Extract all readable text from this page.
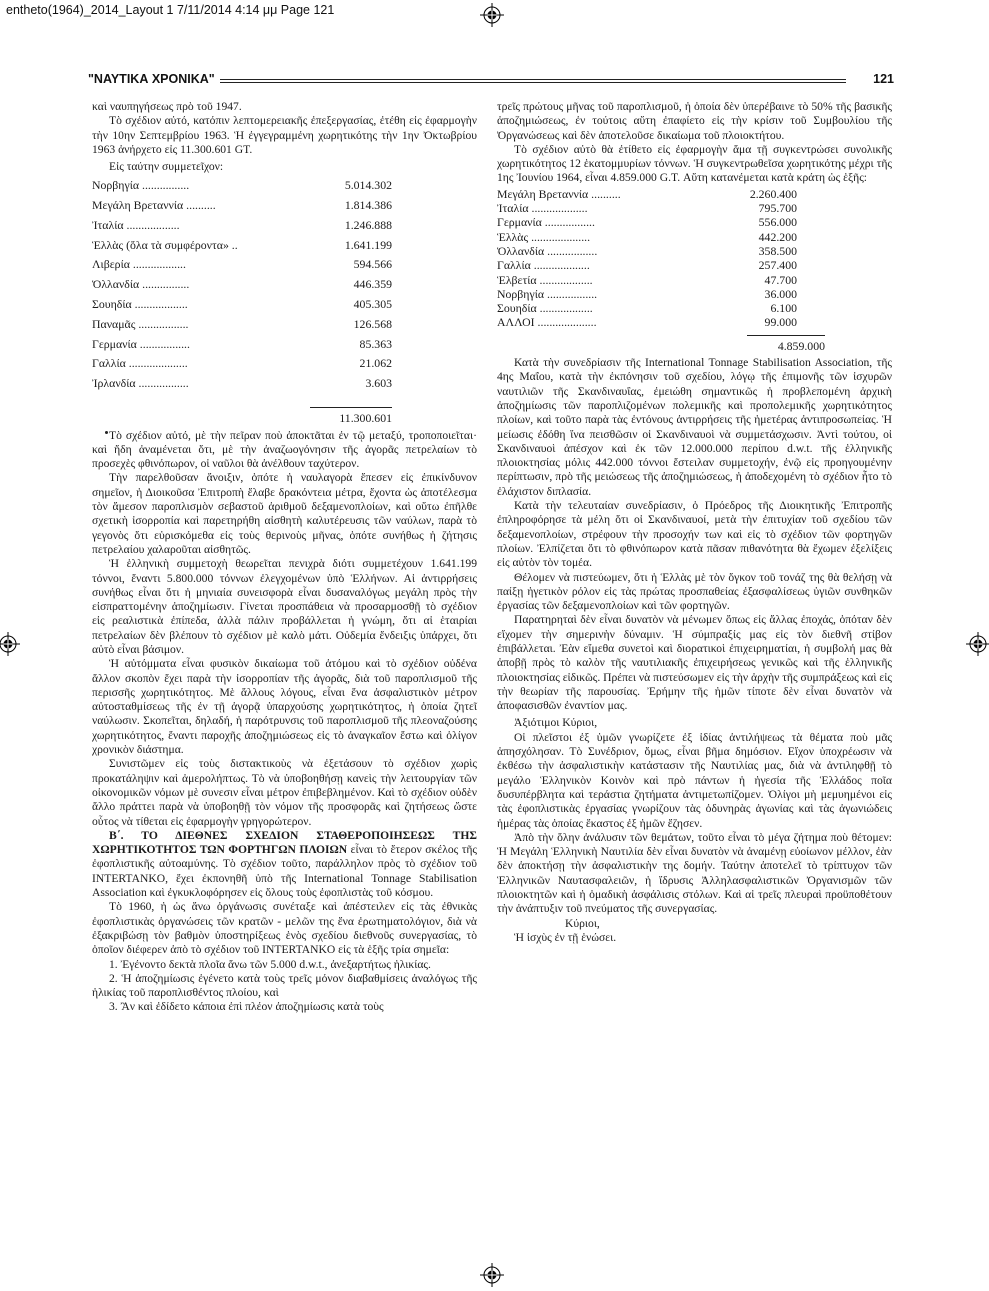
entheto(1964)_2014_Layout 1 7/11/2014 4:14 μμ Page 121
"ΝΑΥΤΙΚΑ ΧΡΟΝΙΚΑ"	121

καὶ ναυπηγήσεως πρὸ τοῦ 1947.

Τὸ σχέδιον αὐτό, κατόπιν λεπτομερειακῆς ἐπεξεργασίας, ἐτέθη εἰς ἐφαρμογὴν τὴν 10ην Σεπτεμβρίου 1963. Ἡ ἐγγεγραμμένη χωρητικότης τὴν 1ην Ὀκτωβρίου 1963 ἀνήρχετο εἰς 11.300.601 GT.

Εἰς ταύτην συμμετεῖχον:

Νορβηγία ................	5.014.302
Μεγάλη Βρεταννία ..........	1.814.386
Ἰταλία ..................	1.246.888
Ἑλλὰς (ὅλα τὰ συμφέροντα» ..	1.641.199
Λιβερία ..................	594.566
Ὁλλανδία ................	446.359
Σουηδία ..................	405.305
Παναμᾶς .................	126.568
Γερμανία .................	85.363
Γαλλία ....................	21.062
Ἰρλανδία .................	3.603
11.300.601

Τὸ σχέδιον αὐτό, μὲ τὴν πεῖραν ποὺ ἀποκτᾶται ἐν τῷ μεταξύ, τροποποιεῖται· καὶ ἤδη ἀναμένεται ὅτι, μὲ τὴν ἀναζωογόνησιν τῆς ἀγορᾶς πετρελαίων τὸ προσεχὲς φθινόπωρον, οἱ ναῦλοι θὰ ἀνέλθουν ταχύτερον.

Τὴν παρελθοῦσαν ἄνοιξιν, ὁπότε ἡ ναυλαγορὰ ἔπεσεν εἰς ἐπικίνδυνον σημεῖον, ἡ Διοικοῦσα Ἐπιτροπὴ ἔλαβε δρακόντεια μέτρα, ἔχοντα ὡς ἀποτέλεσμα τὸν ἄμεσον παροπλισμὸν σεβαστοῦ ἀριθμοῦ δεξαμενοπλοίων, καὶ οὕτω ἐπῆλθε σχετικὴ ἰσορροπία καὶ παρετηρήθη αἰσθητὴ καλυτέρευσις τῶν ναύλων, παρὰ τὸ γεγονὸς ὅτι εὑρισκόμεθα εἰς τοὺς θερινοὺς μῆνας, ὁπότε συνήθως ἡ ζήτησις πετρελαίου χαλαροῦται αἰσθητῶς.

Ἡ ἑλληνικὴ συμμετοχὴ θεωρεῖται πενιχρὰ διότι συμμετέχουν 1.641.199 τόννοι, ἔναντι 5.800.000 τόννων ἐλεγχομένων ὑπὸ Ἑλλήνων. Αἱ ἀντιρρήσεις συνήθως εἶναι ὅτι ἡ μηνιαία συνεισφορὰ εἶναι δυσαναλόγως μεγάλη πρὸς τὴν εἰσπραττομένην ἀποζημίωσιν. Γίνεται προσπάθεια νὰ προσαρμοσθῇ τὸ σχέδιον εἰς ρεαλιστικὰ ἐπίπεδα, ἀλλὰ πάλιν προβάλλεται ἡ γνώμη, ὅτι αἱ ἑταιρίαι πετρελαίων δὲν βλέπουν τὸ σχέδιον μὲ καλὸ μάτι. Οὐδεμία ἔνδειξις ὑπάρχει, ὅτι αὐτὸ εἶναι βάσιμον.

Ἡ αὐτόμματα εἶναι φυσικὸν δικαίωμα τοῦ ἀτόμου καὶ τὸ σχέδιον οὐδένα ἄλλον σκοπὸν ἔχει παρὰ τὴν ἰσορροπίαν τῆς ἀγορᾶς, διὰ τοῦ παροπλισμοῦ τῆς περισσῆς χωρητικότητος. Μὲ ἄλλους λόγους, εἶναι ἕνα ἀσφαλιστικὸν μέτρον αὐτοσταθμίσεως τῆς ἐν τῇ ἀγορᾷ ὑπαρχούσης χωρητικότητος, ἡ ὁποία ζητεῖ ναύλωσιν. Σκοπεῖται, δηλαδή, ἡ παρότρυνσις τοῦ παροπλισμοῦ τῆς πλεοναζούσης χωρητικότητος, ἔναντι παροχῆς ἀποζημιώσεως εἰς τὸ ἀναγκαῖον ἔστω καὶ ὀλίγον χρονικὸν διάστημα.

Συνιστῶμεν εἰς τοὺς διστακτικοὺς νὰ ἐξετάσουν τὸ σχέδιον χωρὶς προκατάληψιν καὶ ἀμερολήπτως. Τὸ νὰ ὑποβοηθήσῃ κανεὶς τὴν λειτουργίαν τῶν οἰκονομικῶν νόμων μὲ συνεσιν εἶναι μέτρον ἐπιβεβλημένον. Καὶ τὸ σχέδιον οὐδὲν ἄλλο πράττει παρὰ νὰ ὑποβοηθῇ τὸν νόμον τῆς προσφορᾶς καὶ ζητήσεως ὥστε οὗτος νὰ τίθεται εἰς ἐφαρμογὴν γρηγορώτερον.

Β΄. ΤΟ ΔΙΕΘΝΕΣ ΣΧΕΔΙΟΝ ΣΤΑΘΕΡΟΠΟΙΗΣΕΩΣ ΤΗΣ ΧΩΡΗΤΙΚΟΤΗΤΟΣ ΤΩΝ ΦΟΡΤΗΓΩΝ ΠΛΟΙΩΝ εἶναι τὸ ἕτερον σκέλος τῆς ἐφοπλιστικῆς αὐτοαμύνης. Τὸ σχέδιον τοῦτο, παράλληλον πρὸς τὸ σχέδιον τοῦ INTERTANKO, ἔχει ἐκπονηθῆ ὑπὸ τῆς International Tonnage Stabilisation Association καὶ ἐγκυκλοφόρησεν εἰς ὅλους τοὺς ἐφοπλιστὰς τοῦ κόσμου.

Τὸ 1960, ἡ ὡς ἄνω ὀργάνωσις συνέταξε καὶ ἀπέστειλεν εἰς τὰς ἐθνικὰς ἐφοπλιστικὰς ὀργανώσεις τῶν κρατῶν - μελῶν της ἕνα ἐρωτηματολόγιον, διὰ νὰ ἐξακριβώσῃ τὸν βαθμὸν ὑποστηρίξεως ἑνὸς σχεδίου διεθνοῦς συνεργασίας, τὸ ὁποῖον διέφερεν ἀπὸ τὸ σχέδιον τοῦ INTERTANKO εἰς τὰ ἑξῆς τρία σημεῖα:

1. Ἐγένοντο δεκτὰ πλοῖα ἄνω τῶν 5.000 d.w.t., ἀνεξαρτήτως ἡλικίας.

2. Ἡ ἀποζημίωσις ἐγένετο κατὰ τοὺς τρεῖς μόνον διαβαθμίσεις ἀναλόγως τῆς ἡλικίας τοῦ παροπλισθέντος πλοίου, καὶ

3. Ἂν καὶ ἐδίδετο κάποια ἐπὶ πλέον ἀποζημίωσις κατὰ τοὺς

τρεῖς πρώτους μῆνας τοῦ παροπλισμοῦ, ἡ ὁποία δὲν ὑπερέβαινε τὸ 50% τῆς βασικῆς ἀποζημιώσεως, ἐν τούτοις αὕτη ἐπαφίετο εἰς τὴν κρίσιν τοῦ Συμβουλίου τῆς Ὀργανώσεως καὶ δὲν ἀποτελοῦσε δικαίωμα τοῦ πλοιοκτήτου.

Τὸ σχέδιον αὐτὸ θὰ ἐτίθετο εἰς ἐφαρμογὴν ἅμα τῇ συγκεντρώσει συνολικῆς χωρητικότητος 12 ἑκατομμυρίων τόννων. Ἡ συγκεντρωθεῖσα χωρητικότης μέχρι τῆς 1ης Ἰουνίου 1964, εἶναι 4.859.000 G.T. Αὕτη κατανέμεται κατὰ κράτη ὡς ἑξῆς:

Μεγάλη Βρεταννία ..........	2.260.400
Ἰταλία ...................	795.700
Γερμανία .................	556.000
Ἑλλὰς ....................	442.200
Ὁλλανδία .................	358.500
Γαλλία ...................	257.400
Ἑλβετία ..................	47.700
Νορβηγία .................	36.000
Σουηδία ..................	6.100
ΑΛΛΟΙ ....................	99.000
4.859.000

Κατὰ τὴν συνεδρίασιν τῆς International Tonnage Stabilisation Association, τῆς 4ης Μαΐου, κατὰ τὴν ἐκπόνησιν τοῦ σχεδίου, λόγῳ τῆς ἐπιμονῆς τῶν ἰσχυρῶν ναυτιλιῶν τῆς Σκανδιναυΐας, ἐμειώθη σημαντικῶς ἡ προβλεπομένη ἀρχικὴ ἀποζημίωσις τῶν παροπλιζομένων πολεμικῆς καὶ προπολεμικῆς χωρητικότητος πλοίων, καὶ τοῦτο παρὰ τὰς ἐντόνους ἀντιρρήσεις τῆς ἡμετέρας ἀντιπροσωπείας. Ἡ μείωσις ἐδόθη ἵνα πεισθῶσιν οἱ Σκανδιναυοὶ νὰ συμμετάσχωσιν. Ἀντὶ τούτου, οἱ Σκανδιναυοὶ ἀπέσχον καὶ ἐκ τῶν 12.000.000 περίπου d.w.t. τῆς ἑλληνικῆς πλοιοκτησίας μόλις 442.000 τόννοι ἔστειλαν συμμετοχήν, ἐνῷ εἰς προηγουμένην περίπτωσιν, πρὸ τῆς μειώσεως τῆς ἀποζημιώσεως, ἡ ἀποδεχομένη τὸ σχέδιον ἦτο τὸ ἐλάχιστον διπλασία.

Κατὰ τὴν τελευταίαν συνεδρίασιν, ὁ Πρόεδρος τῆς Διοικητικῆς Ἐπιτροπῆς ἐπληροφόρησε τὰ μέλη ὅτι οἱ Σκανδιναυοί, μετὰ τὴν ἐπιτυχίαν τοῦ σχεδίου τῶν δεξαμενοπλοίων, στρέφουν τὴν προσοχήν των καὶ εἰς τὸ σχέδιον τῶν φορτηγῶν πλοίων. Ἐλπίζεται ὅτι τὸ φθινόπωρον κατὰ πᾶσαν πιθανότητα θὰ ἔχωμεν ἐξελίξεις εἰς αὐτὸν τὸν τομέα.

Θέλομεν νὰ πιστεύωμεν, ὅτι ἡ Ἑλλὰς μὲ τὸν ὄγκον τοῦ τονάζ της θὰ θελήσῃ νὰ παίξῃ ἡγετικὸν ρόλον εἰς τὰς πρώτας προσπαθείας ἐξασφαλίσεως ὑγιῶν συνθηκῶν ἐργασίας τῶν δεξαμενοπλοίων καὶ τῶν φορτηγῶν.

Παρατηρηταὶ δὲν εἶναι δυνατὸν νὰ μένωμεν ὅπως εἰς ἄλλας ἐποχάς, ὁπόταν δὲν εἴχομεν τὴν σημερινὴν δύναμιν. Ἡ σύμπραξίς μας εἰς τὸν διεθνῆ στίβον ἐπιβάλλεται. Ἐὰν εἴμεθα συνετοὶ καὶ διορατικοὶ ἐπιχειρηματίαι, ἡ συμβολή μας θὰ ἀποβῇ πρὸς τὸ καλὸν τῆς ναυτιλιακῆς ἐπιχειρήσεως γενικῶς καὶ τῆς ἑλληνικῆς πλοιοκτησίας εἰδικῶς. Πρέπει νὰ πιστεύσωμεν εἰς τὴν ἀρχὴν τῆς συμπράξεως καὶ εἰς τὴν θεωρίαν τῆς παρουσίας. Ἐρήμην τῆς ἡμῶν τίποτε δὲν εἶναι δυνατὸν νὰ ἀποφασισθῶν ἐναντίον μας.

Ἀξιότιμοι Κύριοι,

Οἱ πλεῖστοι ἐξ ὑμῶν γνωρίζετε ἐξ ἰδίας ἀντιλήψεως τὰ θέματα ποὺ μᾶς ἀπησχόλησαν. Τὸ Συνέδριον, ὅμως, εἶναι βῆμα δημόσιον. Εἴχον ὑποχρέωσιν νὰ ἐκθέσω τὴν ἀσφαλιστικὴν κατάστασιν τῆς Ναυτιλίας μας, διὰ νὰ ἀντιληφθῇ τὸ μεγάλο Ἑλληνικὸν Κοινὸν καὶ πρὸ πάντων ἡ ἡγεσία τῆς Ἑλλάδος ποῖα δυσυπέρβλητα καὶ τεράστια ζητήματα ἀντιμετωπίζομεν. Ὀλίγοι μὴ μεμυημένοι εἰς τὰς ἐφοπλιστικὰς ἐργασίας γνωρίζουν τὰς ὀδυνηρὰς ἀγωνίας καὶ τὰς ἀγωνιώδεις ἡμέρας τὰς ὁποίας ἕκαστος ἐξ ἡμῶν ἔζησεν.

Ἀπὸ τὴν ὅλην ἀνάλυσιν τῶν θεμάτων, τοῦτο εἶναι τὸ μέγα ζήτημα ποὺ θέτομεν: Ἡ Μεγάλη Ἑλληνικὴ Ναυτιλία δὲν εἶναι δυνατὸν νὰ ἀναμένῃ εὐοίωνον μέλλον, ἐὰν δὲν ἀποκτήσῃ τὴν ἀσφαλιστικὴν της δομήν. Ταύτην ἀποτελεῖ τὸ τρίπτυχον τῶν Ἑλληνικῶν Ναυτασφαλειῶν, ἡ ἵδρυσις Ἀλληλασφαλιστικῶν Ὀργανισμῶν τῶν πλοιοκτητῶν καὶ ἡ ὁμαδικὴ ἀσφάλισις στόλων. Καὶ αἱ τρεῖς πλευραὶ προϋποθέτουν τὴν ἀνάπτυξιν τοῦ πνεύματος τῆς συνεργασίας.

Κύριοι,

Ἡ ἰσχὺς ἐν τῇ ἑνώσει.
